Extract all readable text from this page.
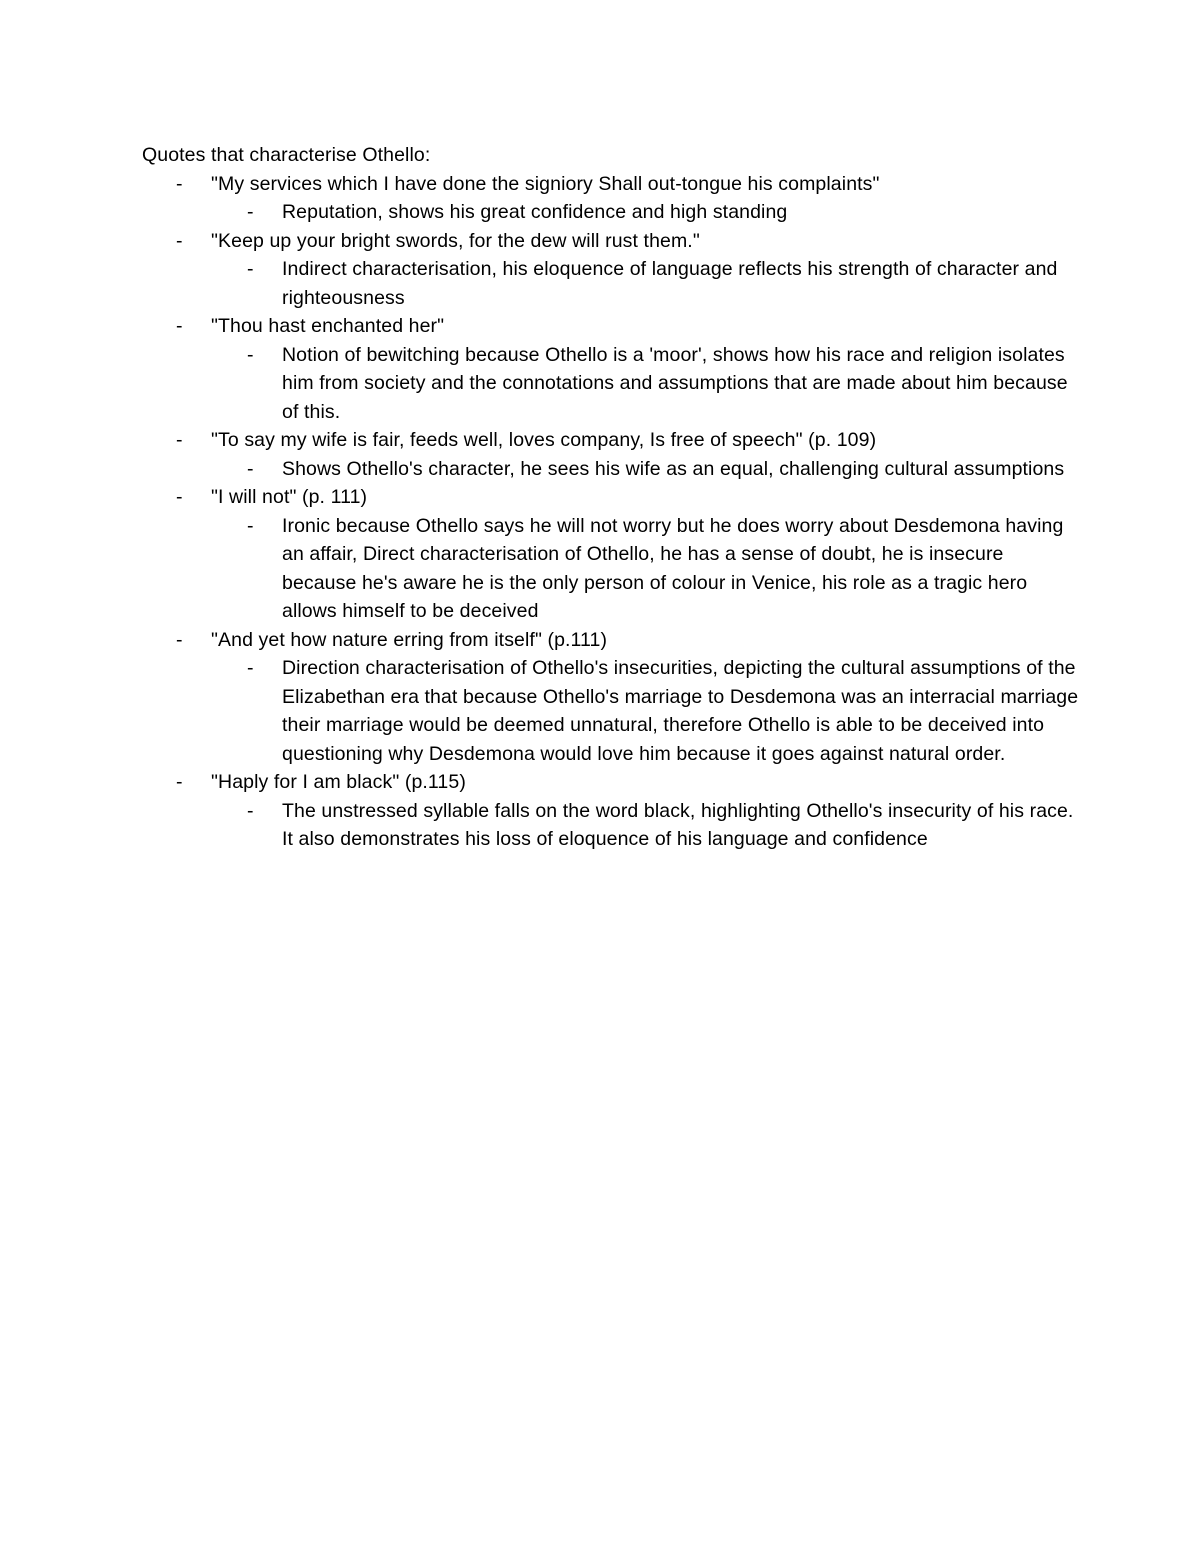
Quotes that characterise Othello:

-	"My services which I have done the signiory Shall out-tongue his complaints"
-	Reputation, shows his great confidence and high standing
-	"Keep up your bright swords, for the dew will rust them."
-	Indirect characterisation, his eloquence of language reflects his strength of character and righteousness
-	"Thou hast enchanted her"
-	Notion of bewitching because Othello is a 'moor', shows how his race and religion isolates him from society and the connotations and assumptions that are made about him because of this.
-	"To say my wife is fair, feeds well, loves company, Is free of speech" (p. 109)
-	Shows Othello's character, he sees his wife as an equal, challenging cultural assumptions
-	"I will not" (p. 111)
-	Ironic because Othello says he will not worry but he does worry about Desdemona having an affair, Direct characterisation of Othello, he has a sense of doubt, he is insecure because he's aware he is the only person of colour in Venice, his role as a tragic hero allows himself to be deceived
-	"And yet how nature erring from itself" (p.111)
-	Direction characterisation of Othello's insecurities, depicting the cultural assumptions of the Elizabethan era that because Othello's marriage to Desdemona was an interracial marriage their marriage would be deemed unnatural, therefore Othello is able to be deceived into questioning why Desdemona would love him because it goes against natural order.
-	"Haply for I am black" (p.115)
-	The unstressed syllable falls on the word black, highlighting Othello's insecurity of his race. It also demonstrates his loss of eloquence of his language and confidence
